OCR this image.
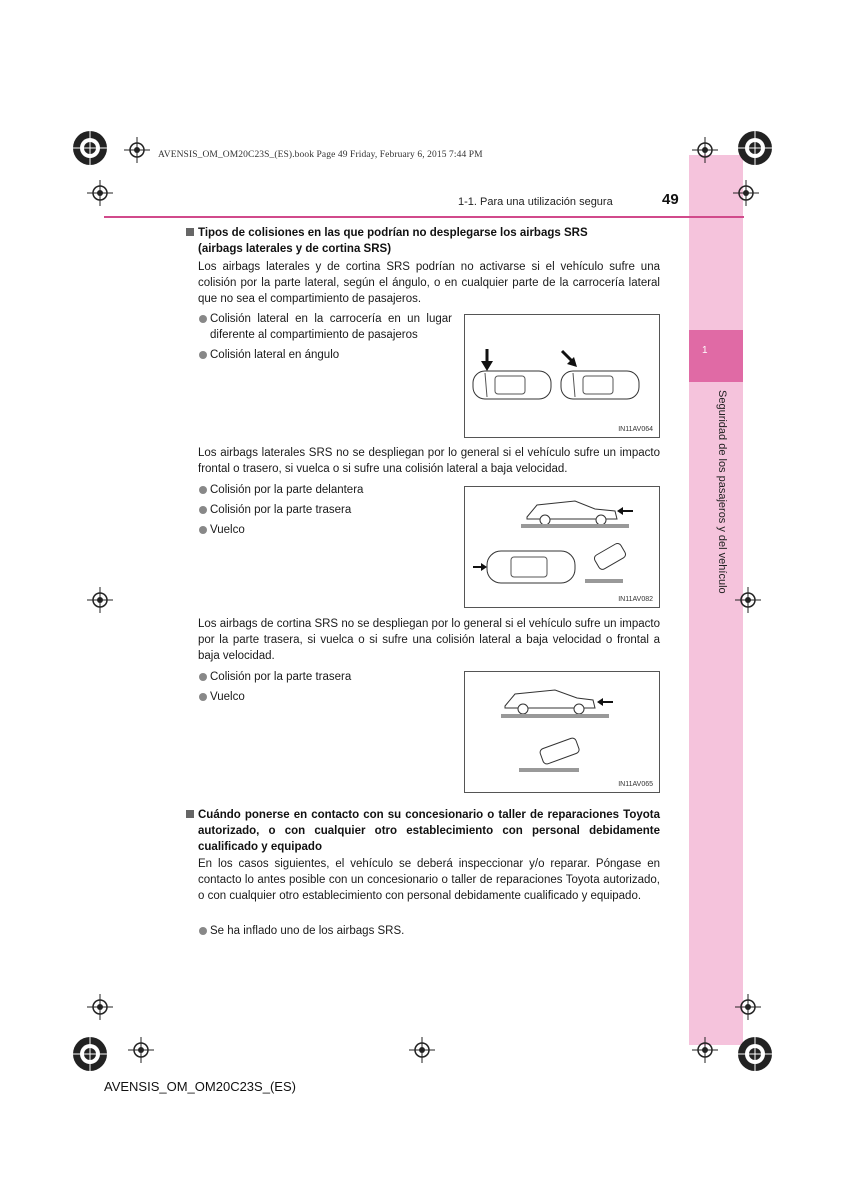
1
Seguridad de los pasajeros y del vehículo
AVENSIS_OM_OM20C23S_(ES).book Page 49 Friday, February 6, 2015 7:44 PM
1-1. Para una utilización segura	49
Tipos de colisiones en las que podrían no desplegarse los airbags SRS
(airbags laterales y de cortina SRS)
Los airbags laterales y de cortina SRS podrían no activarse si el vehículo sufre una colisión por la parte lateral, según el ángulo, o en cualquier parte de la carrocería lateral que no sea el compartimiento de pasajeros.
Colisión lateral en la carrocería en un lugar diferente al compartimiento de pasajeros
Colisión lateral en ángulo
IN11AV064
Los airbags laterales SRS no se despliegan por lo general si el vehículo sufre un impacto frontal o trasero, si vuelca o si sufre una colisión lateral a baja velocidad.
Colisión por la parte delantera
Colisión por la parte trasera
Vuelco
IN11AV082
Los airbags de cortina SRS no se despliegan por lo general si el vehículo sufre un impacto por la parte trasera, si vuelca o si sufre una colisión lateral a baja velocidad o frontal a baja velocidad.
Colisión por la parte trasera
Vuelco
IN11AV065
Cuándo ponerse en contacto con su concesionario o taller de reparaciones Toyota autorizado, o con cualquier otro establecimiento con personal debidamente cualificado y equipado
En los casos siguientes, el vehículo se deberá inspeccionar y/o reparar. Póngase en contacto lo antes posible con un concesionario o taller de reparaciones Toyota autorizado, o con cualquier otro establecimiento con personal debidamente cualificado y equipado.
Se ha inflado uno de los airbags SRS.
AVENSIS_OM_OM20C23S_(ES)
